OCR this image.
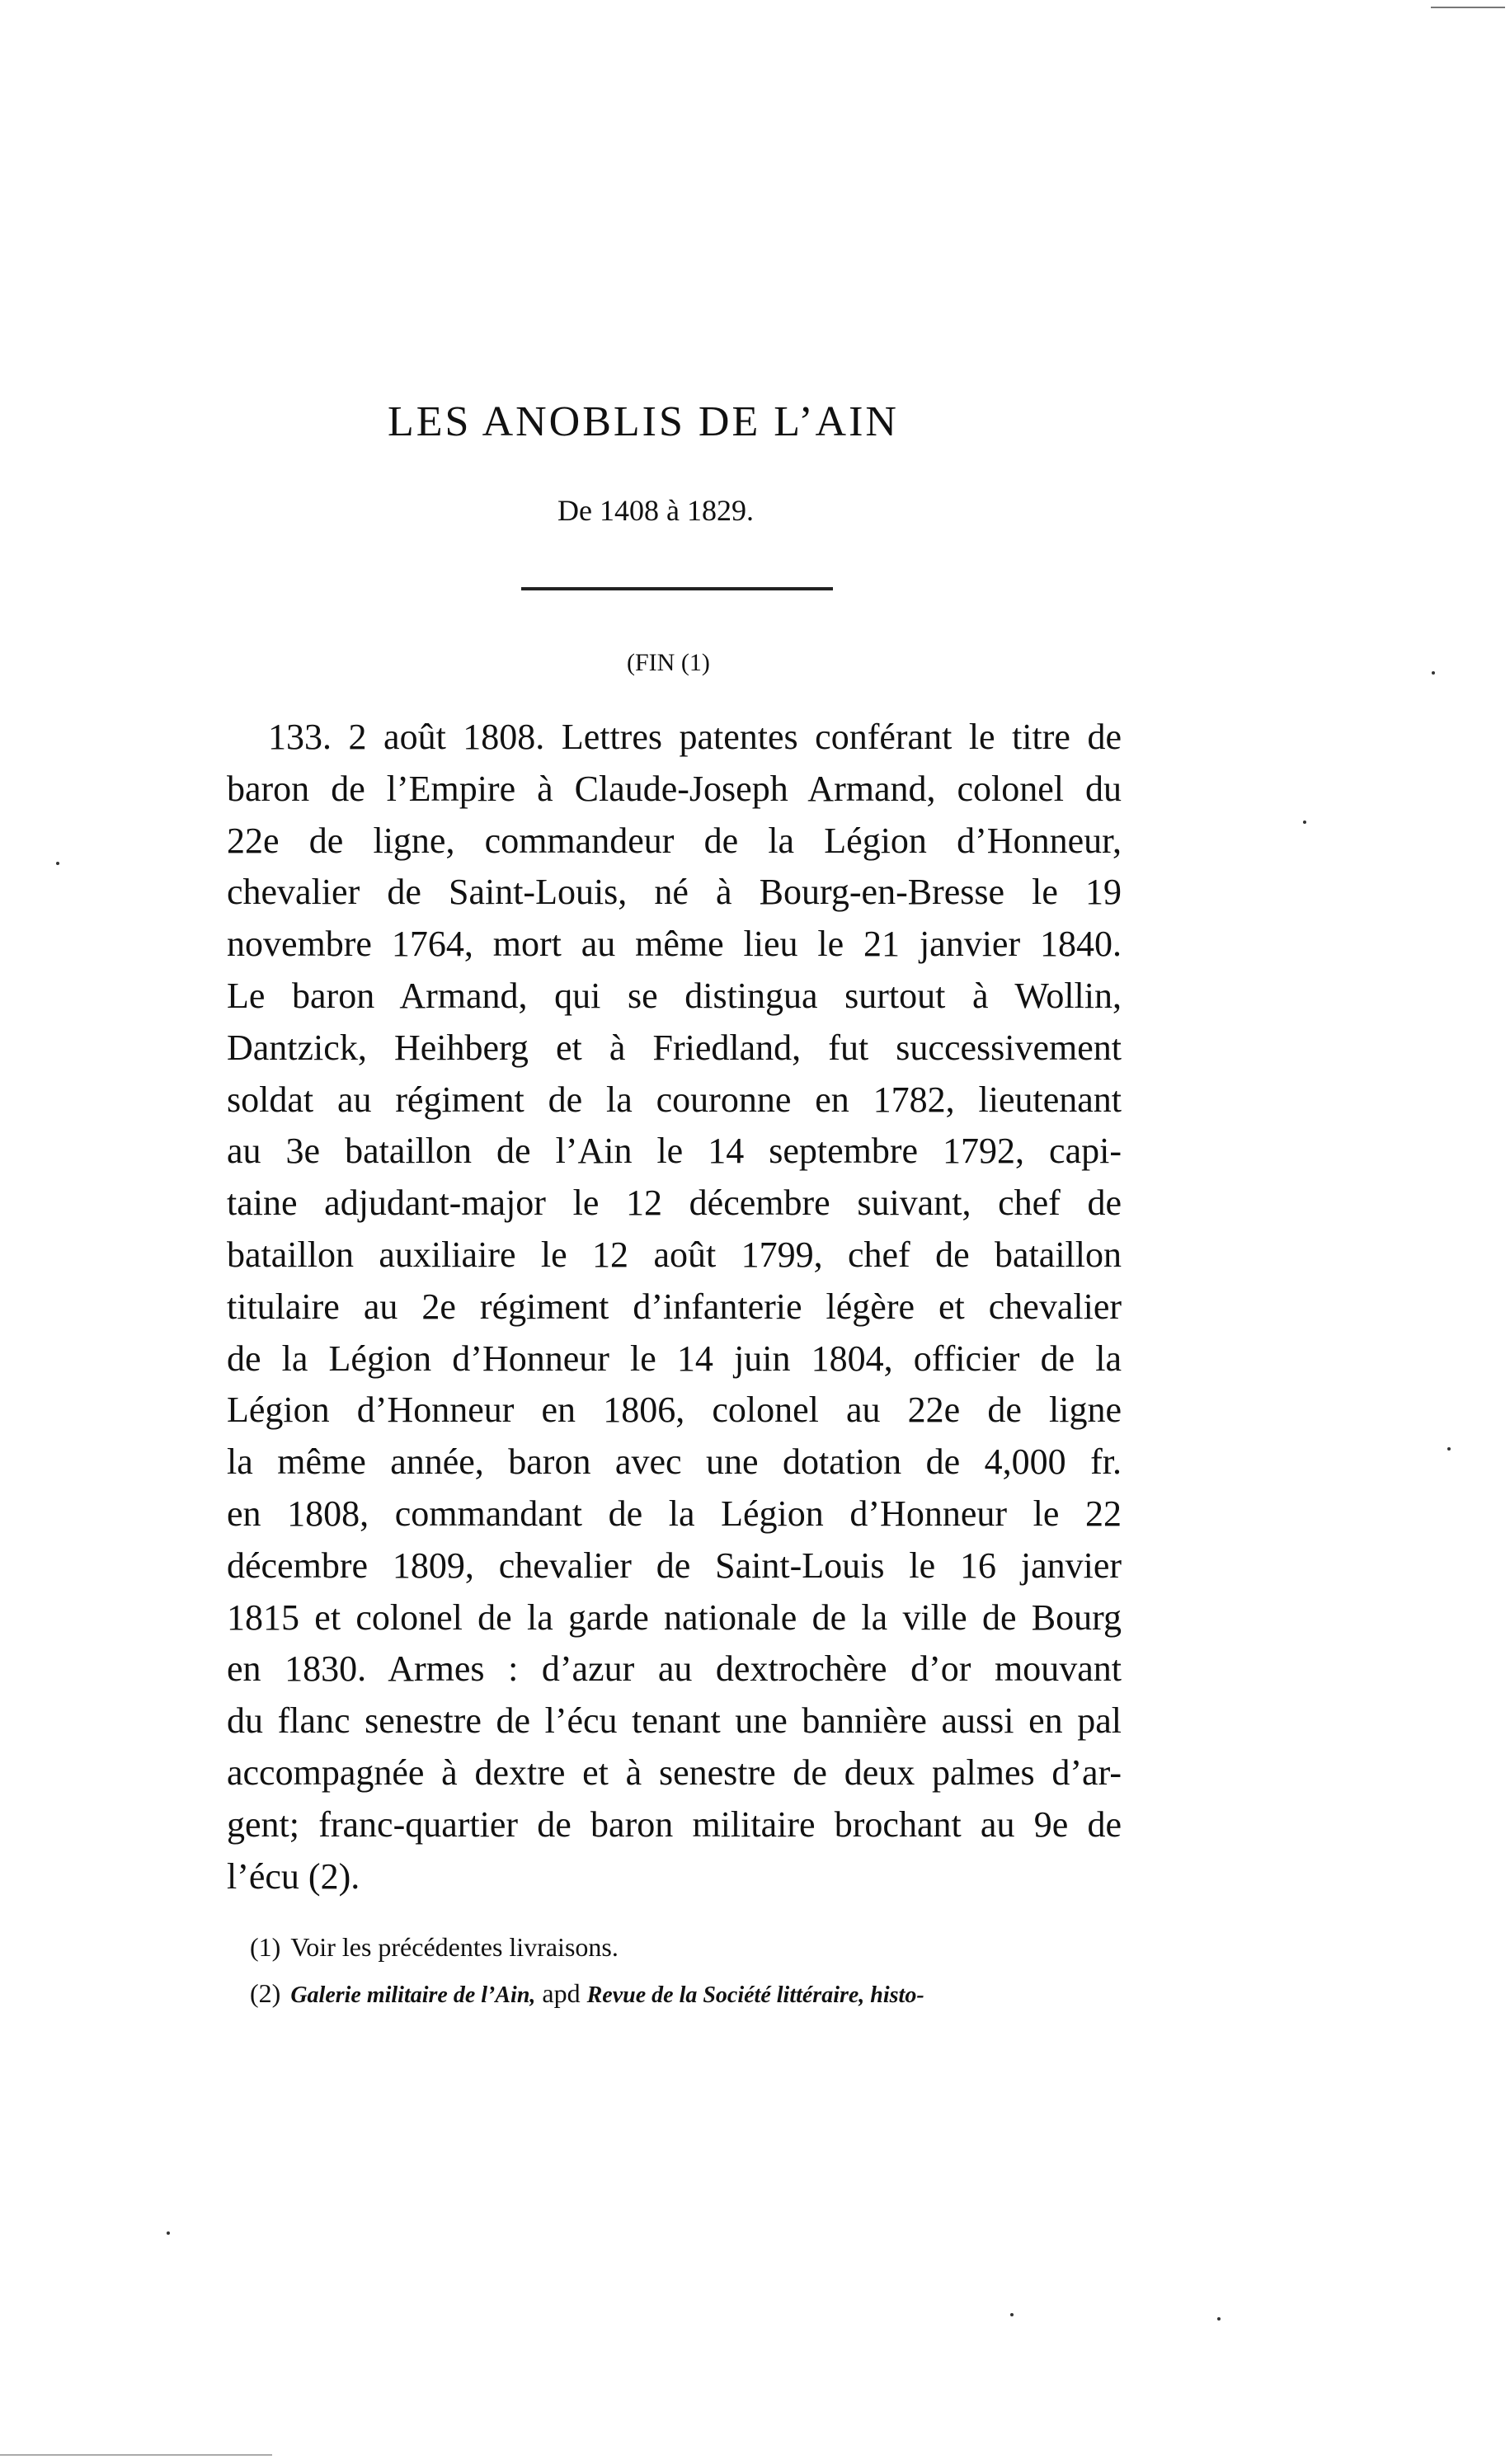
LES ANOBLIS DE L’AIN
De 1408 à 1829.
(FIN (1)
133. 2 août 1808. Lettres patentes conférant le titre de
baron de l’Empire à Claude-Joseph Armand, colonel du
22e de ligne, commandeur de la Légion d’Honneur,
chevalier de Saint-Louis, né à Bourg-en-Bresse le 19
novembre 1764, mort au même lieu le 21 janvier 1840.
Le baron Armand, qui se distingua surtout à Wollin,
Dantzick, Heihberg et à Friedland, fut successivement
soldat au régiment de la couronne en 1782, lieutenant
au 3e bataillon de l’Ain le 14 septembre 1792, capi-
taine adjudant-major le 12 décembre suivant, chef de
bataillon auxiliaire le 12 août 1799, chef de bataillon
titulaire au 2e régiment d’infanterie légère et chevalier
de la Légion d’Honneur le 14 juin 1804, officier de la
Légion d’Honneur en 1806, colonel au 22e de ligne
la même année, baron avec une dotation de 4,000 fr.
en 1808, commandant de la Légion d’Honneur le 22
décembre 1809, chevalier de Saint-Louis le 16 janvier
1815 et colonel de la garde nationale de la ville de Bourg
en 1830. Armes : d’azur au dextrochère d’or mouvant
du flanc senestre de l’écu tenant une bannière aussi en pal
accompagnée à dextre et à senestre de deux palmes d’ar-
gent; franc-quartier de baron militaire brochant au 9e de
l’écu (2).
(1) Voir les précédentes livraisons.
(2) Galerie militaire de l’Ain, apd Revue de la Société littéraire, histo-
